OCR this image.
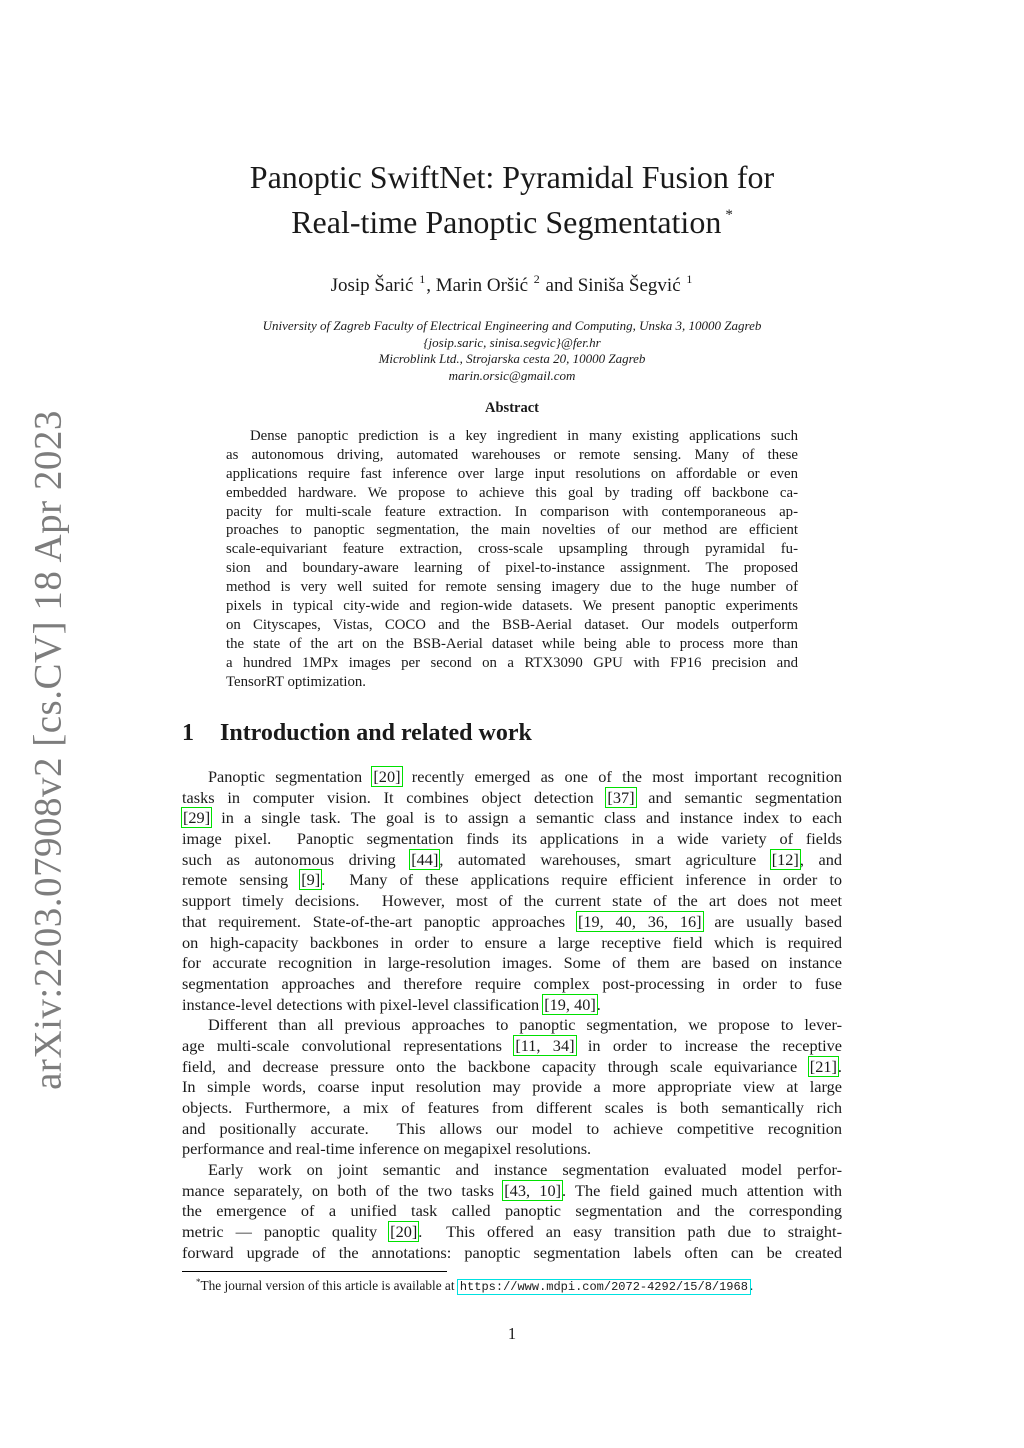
arXiv:2203.07908v2 [cs.CV] 18 Apr 2023
Panoptic SwiftNet: Pyramidal Fusion for
Real-time Panoptic Segmentation *
Josip Šarić $^1$, Marin Oršić $^2$ and Siniša Šegvić $^1$
University of Zagreb Faculty of Electrical Engineering and Computing, Unska 3, 10000 Zagreb
{josip.saric, sinisa.segvic}@fer.hr
Microblink Ltd., Strojarska cesta 20, 10000 Zagreb
marin.orsic@gmail.com
Abstract
Dense panoptic prediction is a key ingredient in many existing applications such
as autonomous driving, automated warehouses or remote sensing. Many of these
applications require fast inference over large input resolutions on affordable or even
embedded hardware. We propose to achieve this goal by trading off backbone ca-
pacity for multi-scale feature extraction. In comparison with contemporaneous ap-
proaches to panoptic segmentation, the main novelties of our method are efficient
scale-equivariant feature extraction, cross-scale upsampling through pyramidal fu-
sion and boundary-aware learning of pixel-to-instance assignment. The proposed
method is very well suited for remote sensing imagery due to the huge number of
pixels in typical city-wide and region-wide datasets. We present panoptic experiments
on Cityscapes, Vistas, COCO and the BSB-Aerial dataset. Our models outperform
the state of the art on the BSB-Aerial dataset while being able to process more than
a hundred 1MPx images per second on a RTX3090 GPU with FP16 precision and
TensorRT optimization.
1 Introduction and related work
Panoptic segmentation [20] recently emerged as one of the most important recognition
tasks in computer vision. It combines object detection [37] and semantic segmentation
[29] in a single task. The goal is to assign a semantic class and instance index to each
image pixel.  Panoptic segmentation finds its applications in a wide variety of fields
such as autonomous driving [44], automated warehouses, smart agriculture [12], and
remote sensing [9].  Many of these applications require efficient inference in order to
support timely decisions.  However, most of the current state of the art does not meet
that requirement. State-of-the-art panoptic approaches [19, 40, 36, 16] are usually based
on high-capacity backbones in order to ensure a large receptive field which is required
for accurate recognition in large-resolution images. Some of them are based on instance
segmentation approaches and therefore require complex post-processing in order to fuse
instance-level detections with pixel-level classification [19, 40].
Different than all previous approaches to panoptic segmentation, we propose to lever-
age multi-scale convolutional representations [11, 34] in order to increase the receptive
field, and decrease pressure onto the backbone capacity through scale equivariance [21].
In simple words, coarse input resolution may provide a more appropriate view at large
objects. Furthermore, a mix of features from different scales is both semantically rich
and positionally accurate.  This allows our model to achieve competitive recognition
performance and real-time inference on megapixel resolutions.
Early work on joint semantic and instance segmentation evaluated model perfor-
mance separately, on both of the two tasks [43, 10]. The field gained much attention with
the emergence of a unified task called panoptic segmentation and the corresponding
metric — panoptic quality [20].  This offered an easy transition path due to straight-
forward upgrade of the annotations: panoptic segmentation labels often can be created
*The journal version of this article is available at https://www.mdpi.com/2072-4292/15/8/1968 .
1
